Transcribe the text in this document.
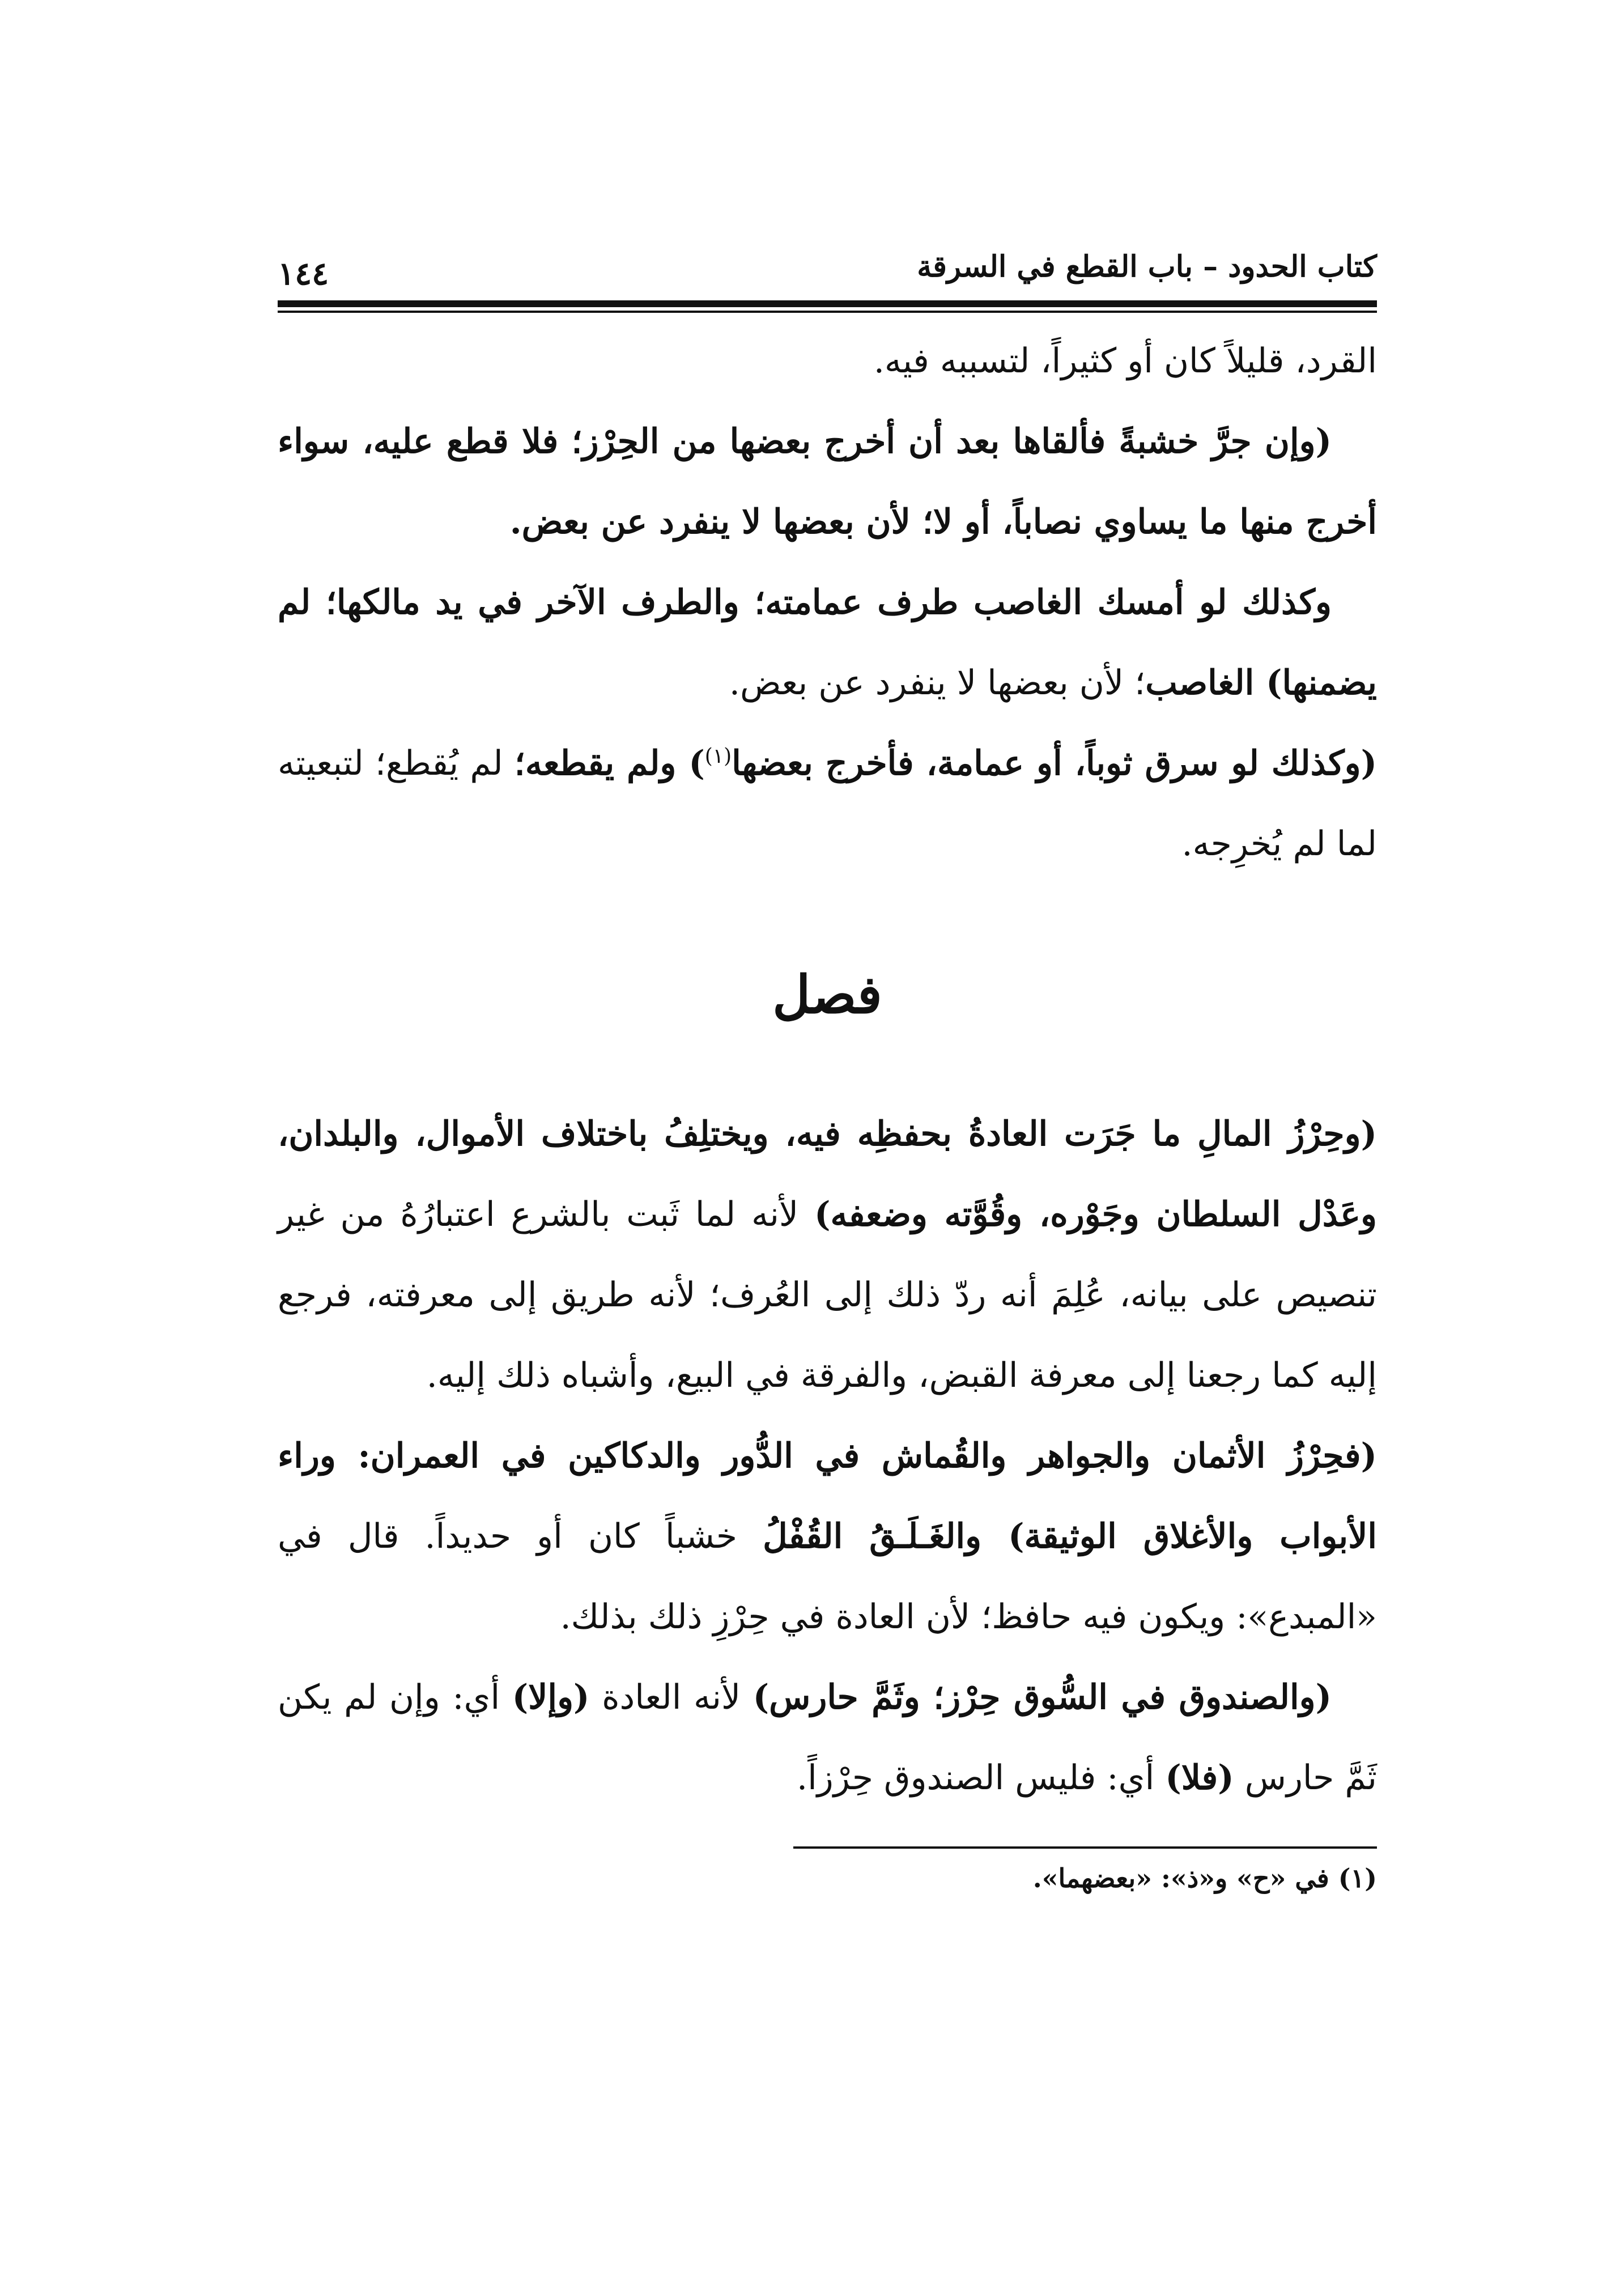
كتاب الحدود – باب القطع في السرقة
١٤٤

القرد، قليلاً كان أو كثيراً، لتسببه فيه.

(وإن جرَّ خشبةً فألقاها بعد أن أخرج بعضها من الحِرْز؛ فلا قطع عليه، سواء أخرج منها ما يساوي نصاباً، أو لا؛ لأن بعضها لا ينفرد عن بعض.

وكذلك لو أمسك الغاصب طرف عمامته؛ والطرف الآخر في يد مالكها؛ لم يضمنها) الغاصب؛ لأن بعضها لا ينفرد عن بعض.

(وكذلك لو سرق ثوباً، أو عمامة، فأخرج بعضها$^{(١)}$) ولم يقطعه؛ لم يُقطع؛ لتبعيته لما لم يُخرِجه.

فصل

(وحِرْزُ المالِ ما جَرَت العادةُ بحفظِه فيه، ويختلِفُ باختلاف الأموال، والبلدان، وعَدْل السلطان وجَوْره، وقُوَّته وضعفه) لأنه لما ثَبت بالشرع اعتبارُهُ من غير تنصيص على بيانه، عُلِمَ أنه ردّ ذلك إلى العُرف؛ لأنه طريق إلى معرفته، فرجع إليه كما رجعنا إلى معرفة القبض، والفرقة في البيع، وأشباه ذلك إليه.

(فحِرْزُ الأثمان والجواهر والقُماش في الدُّور والدكاكين في العمران: وراء الأبواب والأغلاق الوثيقة) والغَـلَـقُ القُفْلُ خشباً كان أو حديداً. قال في «المبدع»: ويكون فيه حافظ؛ لأن العادة في حِرْزِ ذلك بذلك.

(والصندوق في السُّوق حِرْز؛ وثَمَّ حارس) لأنه العادة (وإلا) أي: وإن لم يكن ثَمَّ حارس (فلا) أي: فليس الصندوق حِرْزاً.

(١) في «ح» و«ذ»: «بعضهما».
